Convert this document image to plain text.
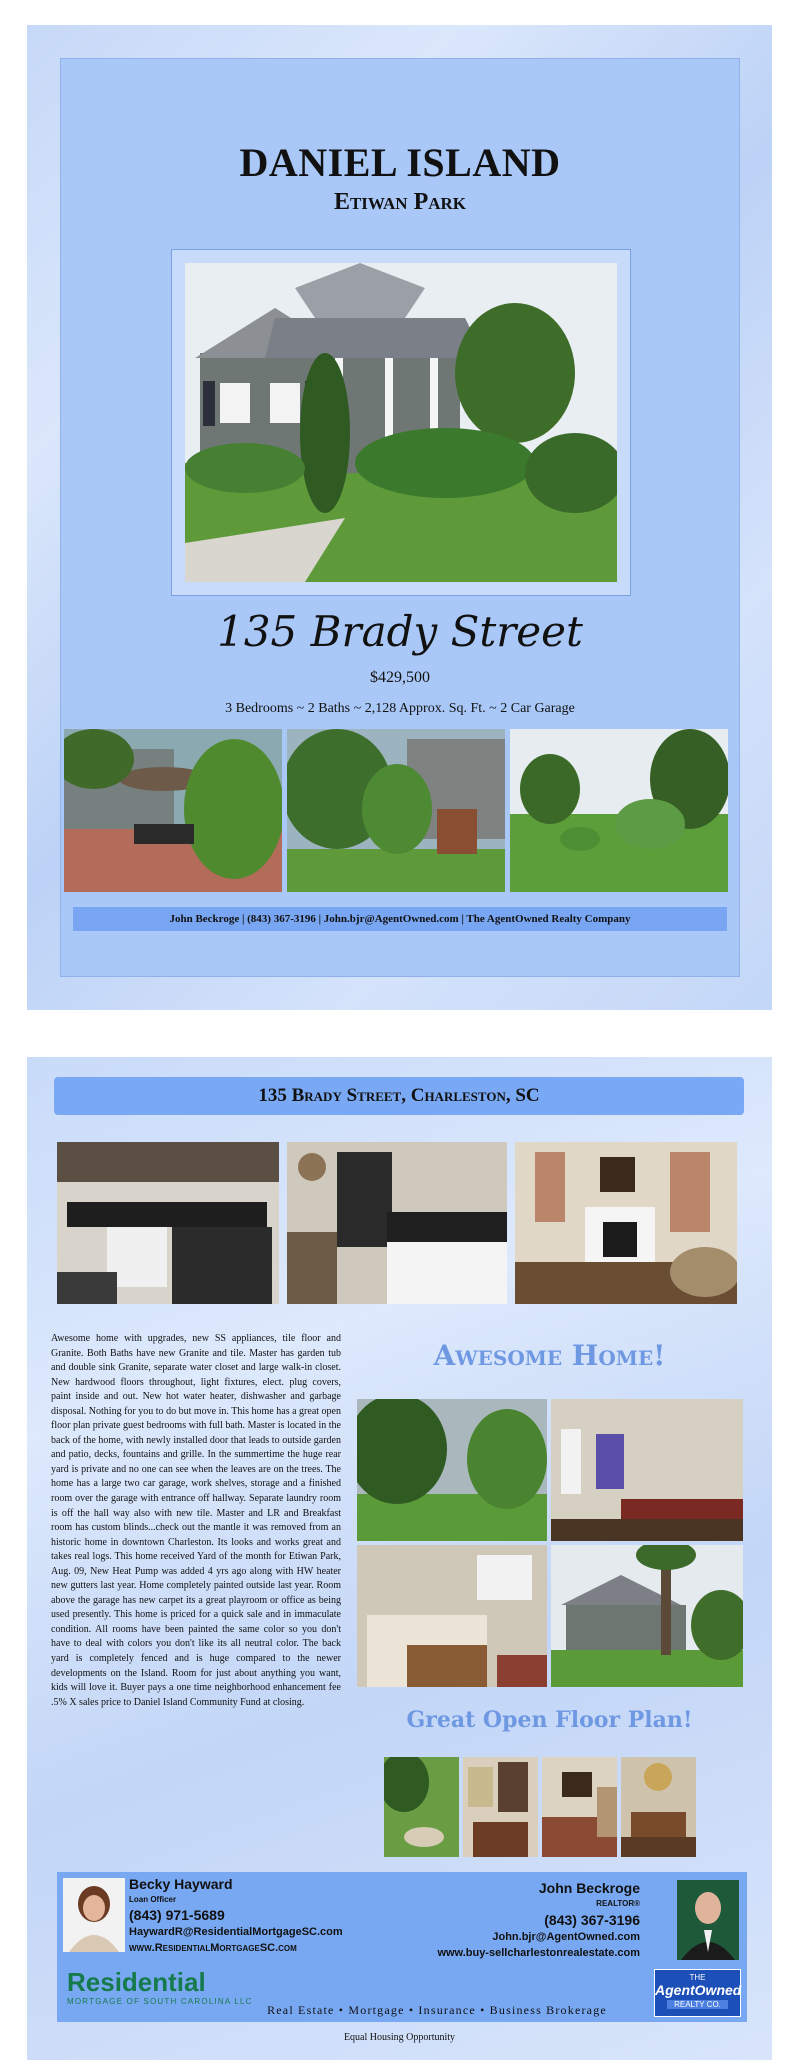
DANIEL ISLAND
Etiwan Park
135 Brady Street
$429,500
3 Bedrooms ~ 2 Baths ~ 2,128 Approx. Sq. Ft. ~ 2 Car Garage
John Beckroge | (843) 367-3196 | John.bjr@AgentOwned.com | The AgentOwned Realty Company
135 Brady Street, Charleston, SC
Awesome home with upgrades, new SS appliances, tile floor and Granite. Both Baths have new Granite and tile. Master has garden tub and double sink Granite, separate water closet and large walk-in closet. New hardwood floors throughout, light fixtures, elect. plug covers, paint inside and out. New hot water heater, dishwasher and garbage disposal. Nothing for you to do but move in. This home has a great open floor plan private guest bedrooms with full bath. Master is located in the back of the home, with newly installed door that leads to outside garden and patio, decks, fountains and grille. In the summertime the huge rear yard is private and no one can see when the leaves are on the trees. The home has a large two car garage, work shelves, storage and a finished room over the garage with entrance off hallway. Separate laundry room is off the hall way also with new tile. Master and LR and Breakfast room has custom blinds...check out the mantle it was removed from an historic home in downtown Charleston. Its looks and works great and takes real logs. This home received Yard of the month for Etiwan Park, Aug. 09, New Heat Pump was added 4 yrs ago along with HW heater new gutters last year. Home completely painted outside last year. Room above the garage has new carpet its a great playroom or office as being used presently. This home is priced for a quick sale and in immaculate condition. All rooms have been painted the same color so you don't have to deal with colors you don't like its all neutral color. The back yard is completely fenced and is huge compared to the newer developments on the Island. Room for just about anything you want, kids will love it. Buyer pays a one time neighborhood enhancement fee .5% X sales price to Daniel Island Community Fund at closing.
Awesome Home!
Great Open Floor Plan!
Becky Hayward
Loan Officer
(843) 971-5689
HaywardR@ResidentialMortgageSC.com
www.ResidentialMortgageSC.com
John Beckroge
REALTOR®
(843) 367-3196
John.bjr@AgentOwned.com
www.buy-sellcharlestonrealestate.com
Residential
MORTGAGE OF SOUTH CAROLINA LLC
Real Estate • Mortgage • Insurance • Business Brokerage
THE
AgentOwned
REALTY CO.
Equal Housing Opportunity
